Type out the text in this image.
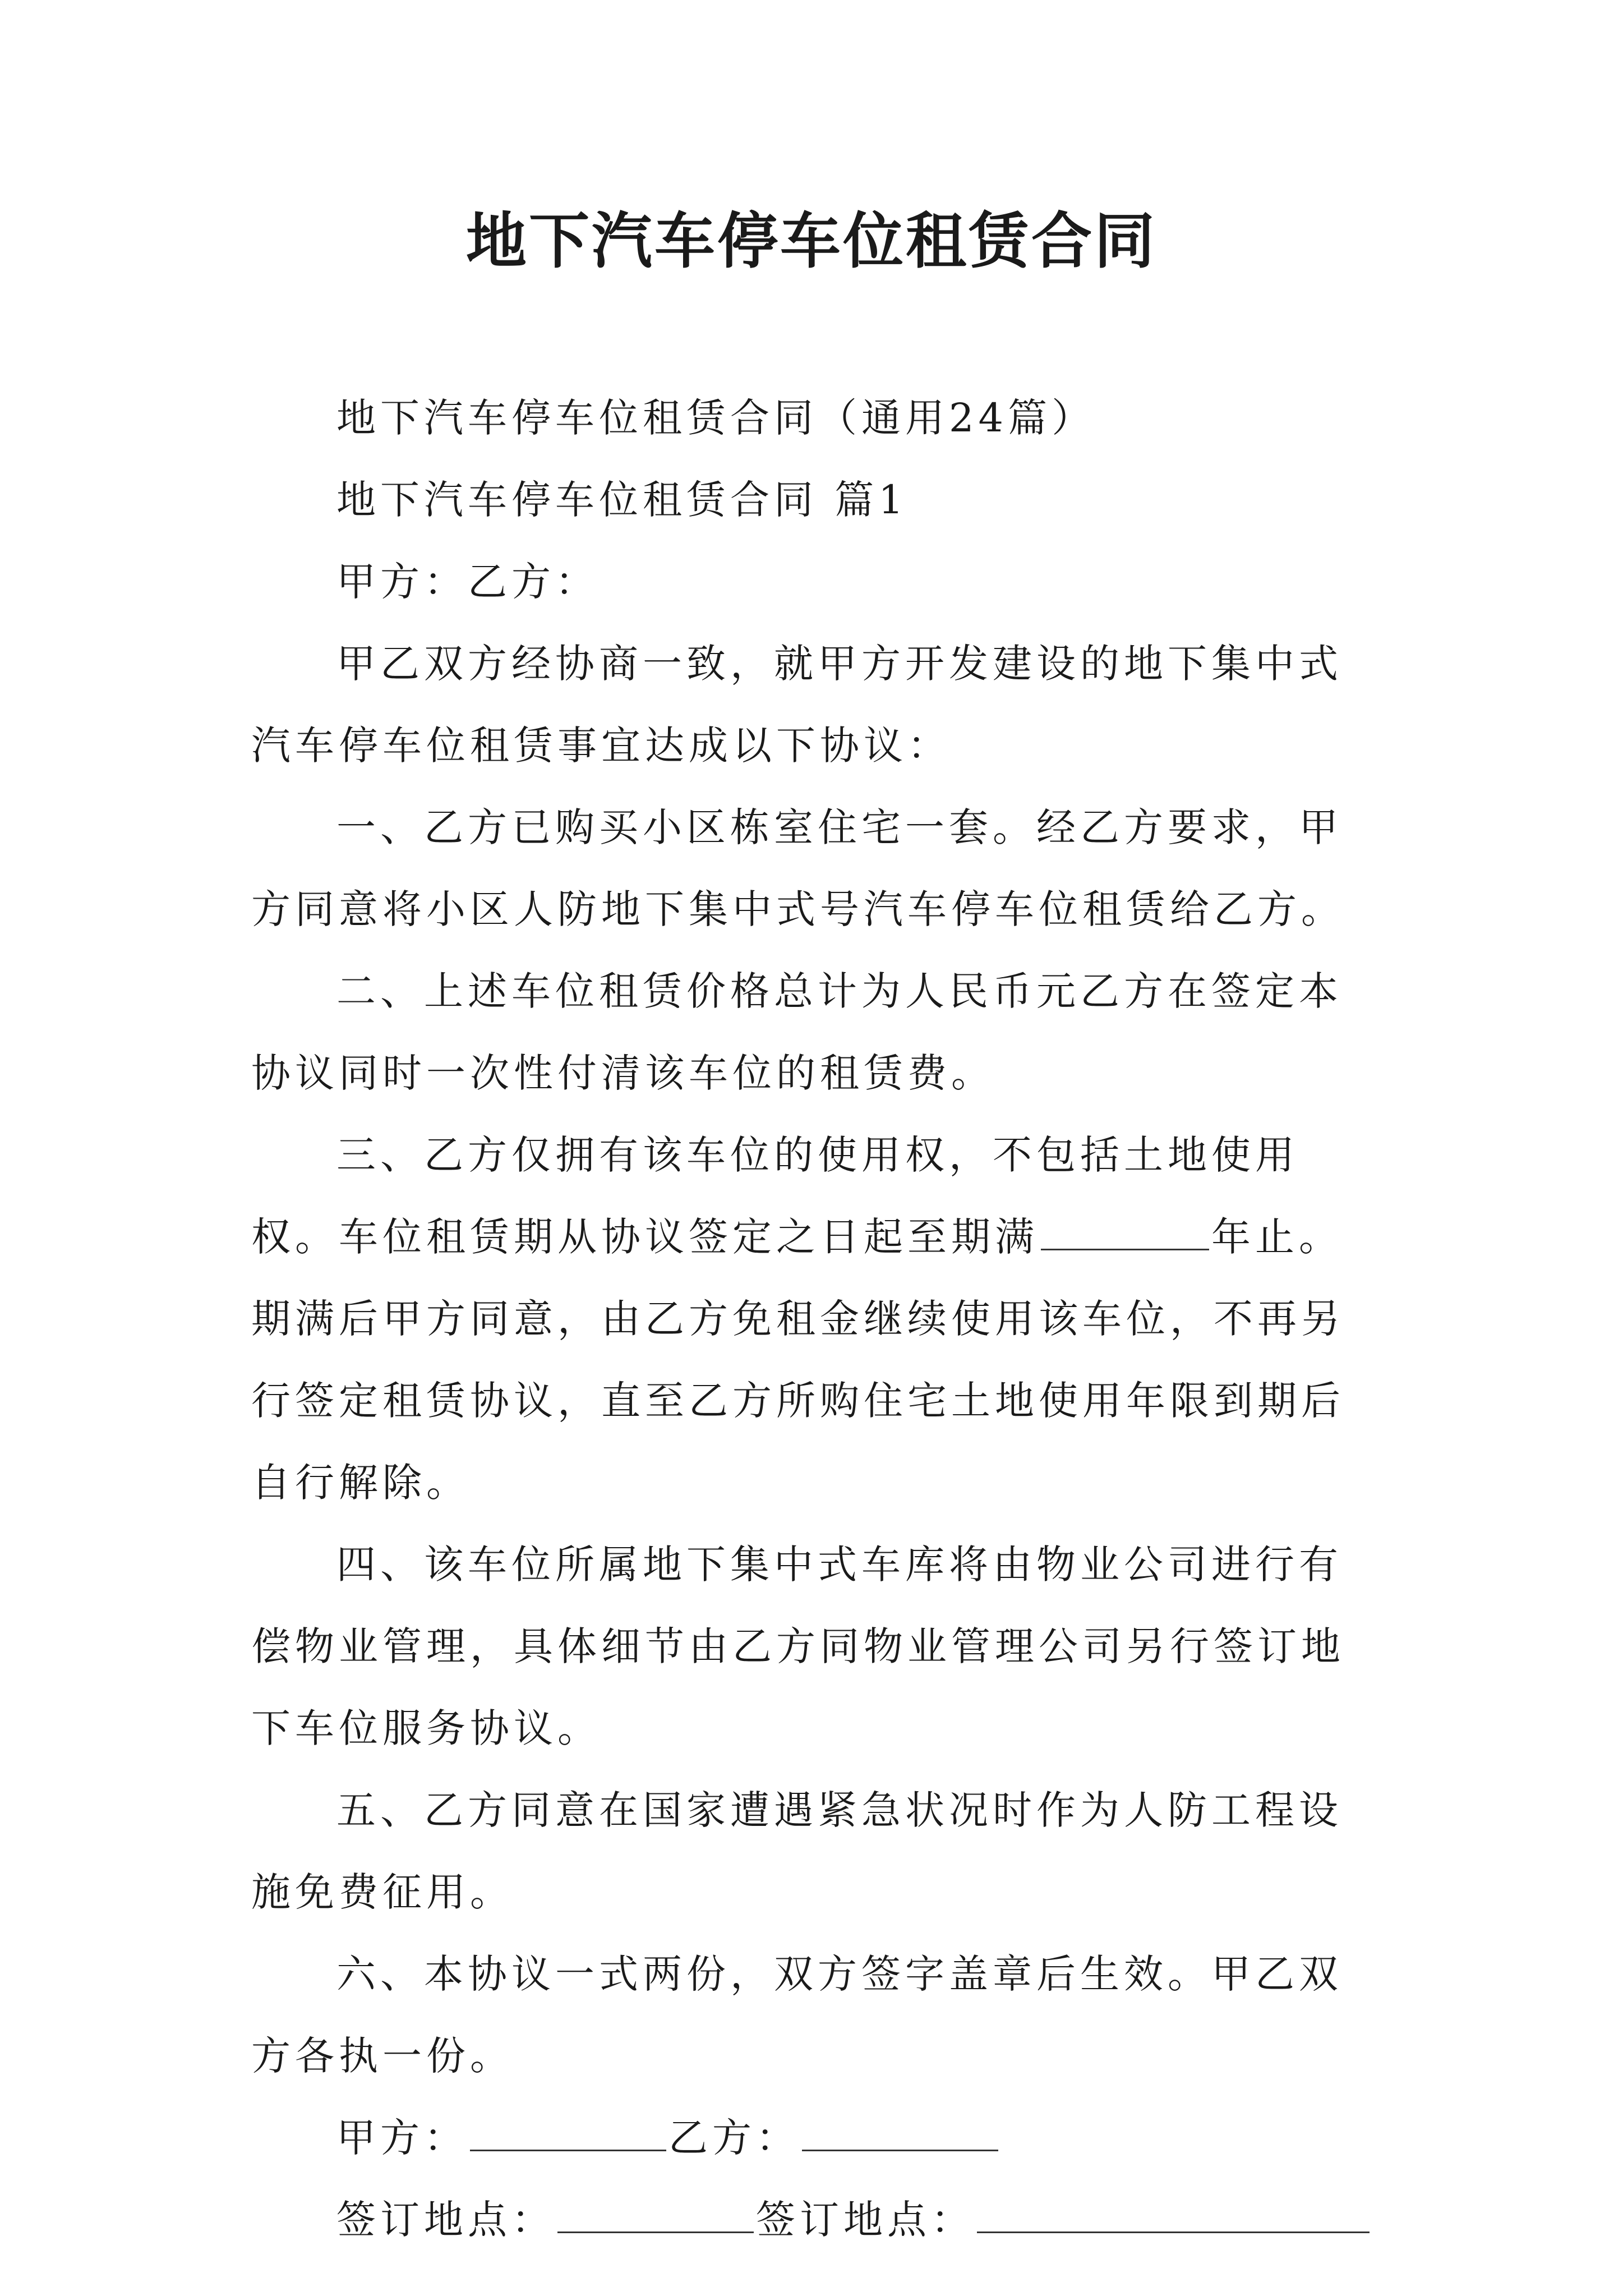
地下汽车停车位租赁合同

地下汽车停车位租赁合同（通用24篇）

地下汽车停车位租赁合同 篇1

甲方：乙方：

甲乙双方经协商一致，就甲方开发建设的地下集中式汽车停车位租赁事宜达成以下协议：

一、乙方已购买小区栋室住宅一套。经乙方要求，甲方同意将小区人防地下集中式号汽车停车位租赁给乙方。

二、上述车位租赁价格总计为人民币元乙方在签定本协议同时一次性付清该车位的租赁费。

三、乙方仅拥有该车位的使用权，不包括土地使用权。车位租赁期从协议签定之日起至期满	年止。期满后甲方同意，由乙方免租金继续使用该车位，不再另行签定租赁协议，直至乙方所购住宅土地使用年限到期后自行解除。

四、该车位所属地下集中式车库将由物业公司进行有偿物业管理，具体细节由乙方同物业管理公司另行签订地下车位服务协议。

五、乙方同意在国家遭遇紧急状况时作为人防工程设施免费征用。

六、本协议一式两份，双方签字盖章后生效。甲乙双方各执一份。

甲方：	乙方：

签订地点：	签订地点：
